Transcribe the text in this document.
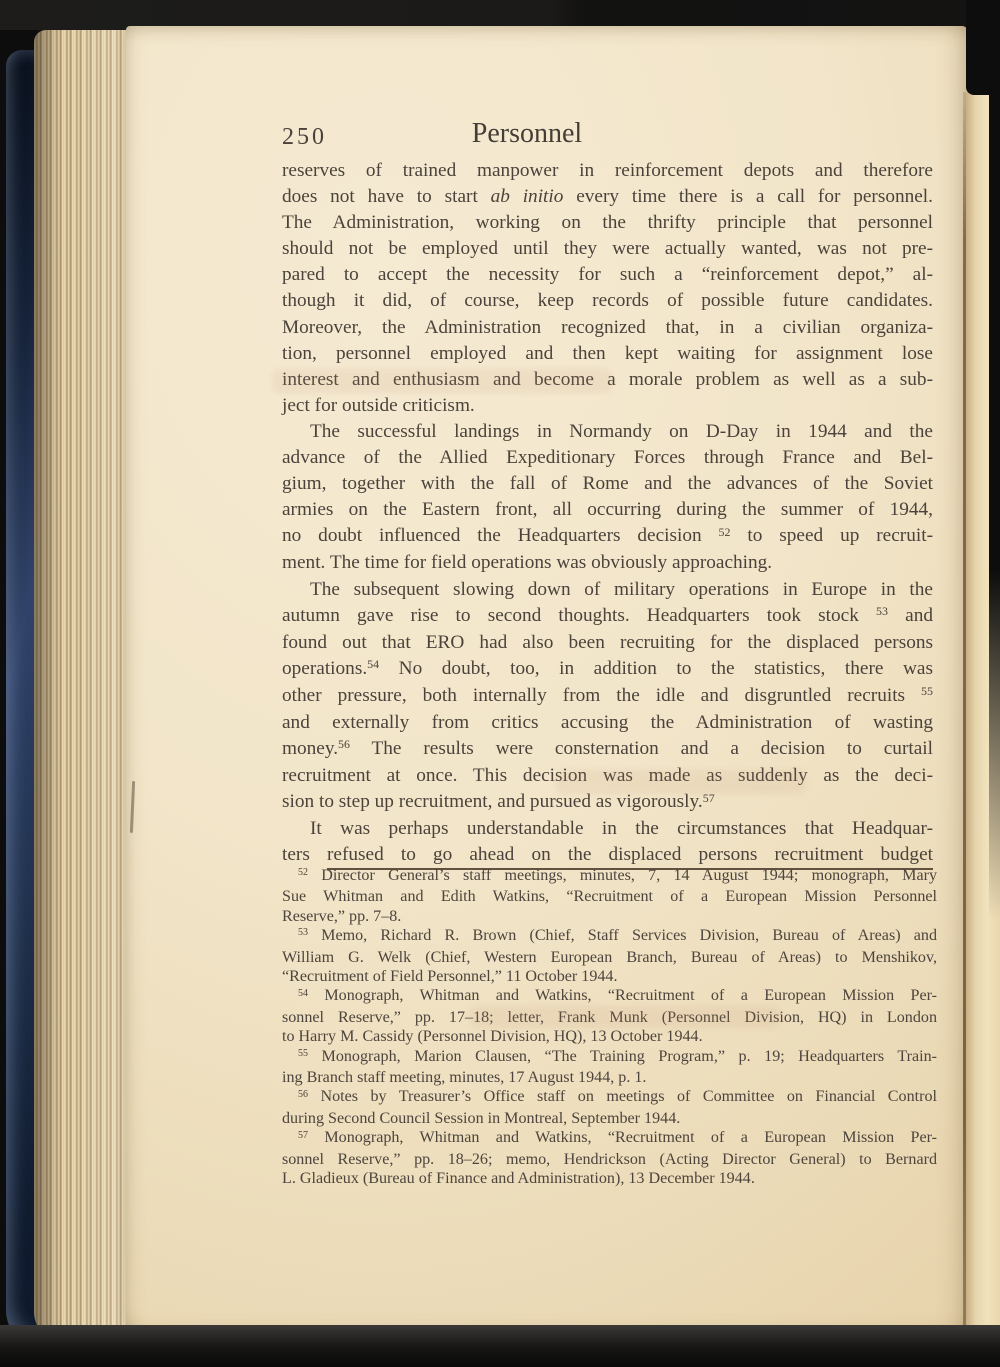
250	Personnel
reserves of trained manpower in reinforcement depots and therefore
does not have to start ab initio every time there is a call for personnel.
The Administration, working on the thrifty principle that personnel
should not be employed until they were actually wanted, was not pre-
pared to accept the necessity for such a “reinforcement depot,” al-
though it did, of course, keep records of possible future candidates.
Moreover, the Administration recognized that, in a civilian organiza-
tion, personnel employed and then kept waiting for assignment lose
interest and enthusiasm and become a morale problem as well as a sub-
ject for outside criticism.
The successful landings in Normandy on D-Day in 1944 and the
advance of the Allied Expeditionary Forces through France and Bel-
gium, together with the fall of Rome and the advances of the Soviet
armies on the Eastern front, all occurring during the summer of 1944,
no doubt influenced the Headquarters decision $^{52}$ to speed up recruit-
ment. The time for field operations was obviously approaching.
The subsequent slowing down of military operations in Europe in the
autumn gave rise to second thoughts. Headquarters took stock $^{53}$ and
found out that ERO had also been recruiting for the displaced persons
operations.$^{54}$ No doubt, too, in addition to the statistics, there was
other pressure, both internally from the idle and disgruntled recruits $^{55}$
and externally from critics accusing the Administration of wasting
money.$^{56}$ The results were consternation and a decision to curtail
recruitment at once. This decision was made as suddenly as the deci-
sion to step up recruitment, and pursued as vigorously.$^{57}$
It was perhaps understandable in the circumstances that Headquar-
ters refused to go ahead on the displaced persons recruitment budget
$^{52}$ Director General’s staff meetings, minutes, 7, 14 August 1944; monograph, Mary
Sue Whitman and Edith Watkins, “Recruitment of a European Mission Personnel
Reserve,” pp. 7–8.
$^{53}$ Memo, Richard R. Brown (Chief, Staff Services Division, Bureau of Areas) and
William G. Welk (Chief, Western European Branch, Bureau of Areas) to Menshikov,
“Recruitment of Field Personnel,” 11 October 1944.
$^{54}$ Monograph, Whitman and Watkins, “Recruitment of a European Mission Per-
sonnel Reserve,” pp. 17–18; letter, Frank Munk (Personnel Division, HQ) in London
to Harry M. Cassidy (Personnel Division, HQ), 13 October 1944.
$^{55}$ Monograph, Marion Clausen, “The Training Program,” p. 19; Headquarters Train-
ing Branch staff meeting, minutes, 17 August 1944, p. 1.
$^{56}$ Notes by Treasurer’s Office staff on meetings of Committee on Financial Control
during Second Council Session in Montreal, September 1944.
$^{57}$ Monograph, Whitman and Watkins, “Recruitment of a European Mission Per-
sonnel Reserve,” pp. 18–26; memo, Hendrickson (Acting Director General) to Bernard
L. Gladieux (Bureau of Finance and Administration), 13 December 1944.
